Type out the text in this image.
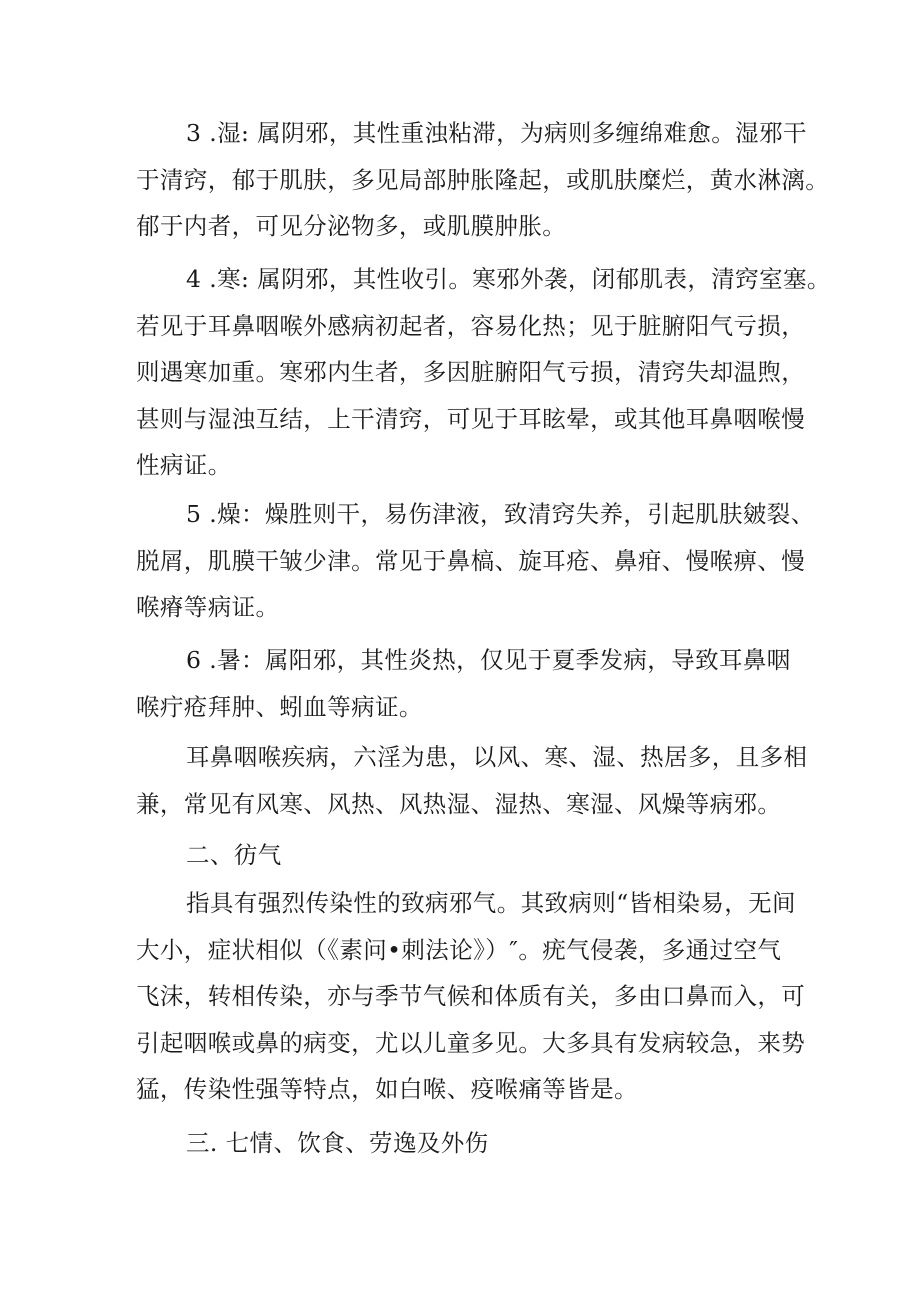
3 .湿: 属阴邪，其性重浊粘滞，为病则多缠绵难愈。湿邪干
于清窍，郁于肌肤，多见局部肿胀隆起，或肌肤糜烂，黄水淋漓。
郁于内者，可见分泌物多，或肌膜肿胀。

4 .寒: 属阴邪，其性收引。寒邪外袭，闭郁肌表，清窍室塞。
若见于耳鼻咽喉外感病初起者，容易化热；见于脏腑阳气亏损，
则遇寒加重。寒邪内生者，多因脏腑阳气亏损，清窍失却温煦，
甚则与湿浊互结，上干清窍，可见于耳眩晕，或其他耳鼻咽喉慢
性病证。

5 .燥：燥胜则干，易伤津液，致清窍失养，引起肌肤皴裂、
脱屑，肌膜干皱少津。常见于鼻槁、旋耳疮、鼻疳、慢喉痹、慢
喉瘠等病证。

6 .暑：属阳邪，其性炎热，仅见于夏季发病，导致耳鼻咽
喉疔疮拜肿、蚓血等病证。

耳鼻咽喉疾病，六淫为患，以风、寒、湿、热居多，且多相
兼，常见有风寒、风热、风热湿、湿热、寒湿、风燥等病邪。

二、彷气

指具有强烈传染性的致病邪气。其致病则“皆相染易，无间
大小，症状相似（《素问•刺法论》）″。疣气侵袭，多通过空气
飞沫，转相传染，亦与季节气候和体质有关，多由口鼻而入，可
引起咽喉或鼻的病变，尤以儿童多见。大多具有发病较急，来势
猛，传染性强等特点，如白喉、疫喉痛等皆是。

三. 七情、饮食、劳逸及外伤
